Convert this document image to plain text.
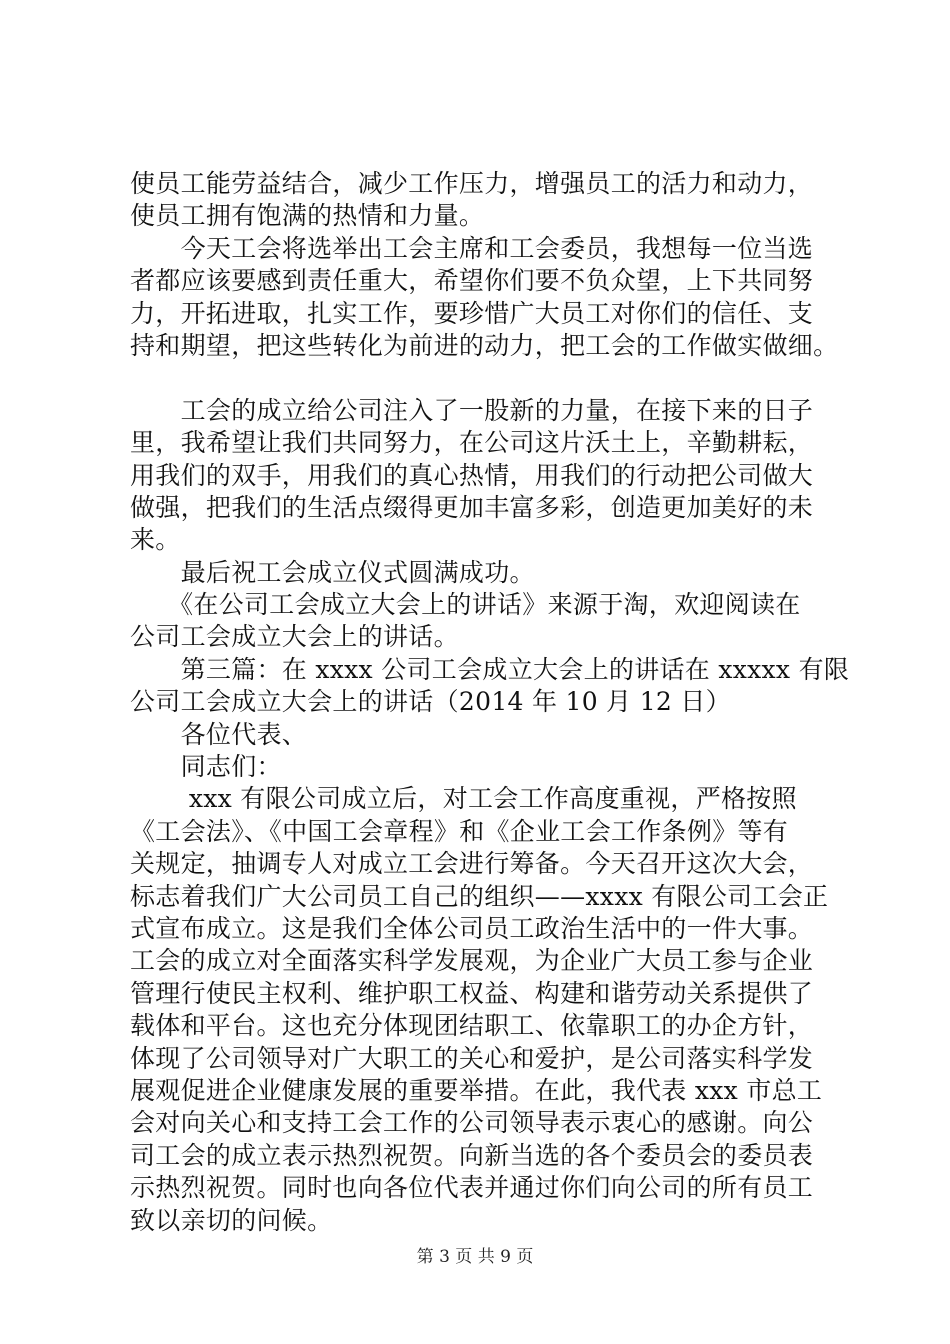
使员工能劳益结合，减少工作压力，增强员工的活力和动力，
使员工拥有饱满的热情和力量。
　　今天工会将选举出工会主席和工会委员，我想每一位当选
者都应该要感到责任重大，希望你们要不负众望，上下共同努
力，开拓进取，扎实工作，要珍惜广大员工对你们的信任、支
持和期望，把这些转化为前进的动力，把工会的工作做实做细。
　　工会的成立给公司注入了一股新的力量，在接下来的日子
里，我希望让我们共同努力，在公司这片沃土上，辛勤耕耘，
用我们的双手，用我们的真心热情，用我们的行动把公司做大
做强，把我们的生活点缀得更加丰富多彩，创造更加美好的未
来。
　　最后祝工会成立仪式圆满成功。
　　《在公司工会成立大会上的讲话》来源于淘，欢迎阅读在
公司工会成立大会上的讲话。
　　第三篇：在 xxxx 公司工会成立大会上的讲话在 xxxxx 有限
公司工会成立大会上的讲话（2014 年 10 月 12 日）
　　各位代表、
　　同志们：
　　 xxx 有限公司成立后，对工会工作高度重视，严格按照
《工会法》、《中国工会章程》和《企业工会工作条例》等有
关规定，抽调专人对成立工会进行筹备。今天召开这次大会，
标志着我们广大公司员工自己的组织——xxxx 有限公司工会正
式宣布成立。这是我们全体公司员工政治生活中的一件大事。
工会的成立对全面落实科学发展观，为企业广大员工参与企业
管理行使民主权利、维护职工权益、构建和谐劳动关系提供了
载体和平台。这也充分体现团结职工、依靠职工的办企方针，
体现了公司领导对广大职工的关心和爱护，是公司落实科学发
展观促进企业健康发展的重要举措。在此，我代表 xxx 市总工
会对向关心和支持工会工作的公司领导表示衷心的感谢。向公
司工会的成立表示热烈祝贺。向新当选的各个委员会的委员表
示热烈祝贺。同时也向各位代表并通过你们向公司的所有员工
致以亲切的问候。
第 3 页 共 9 页
